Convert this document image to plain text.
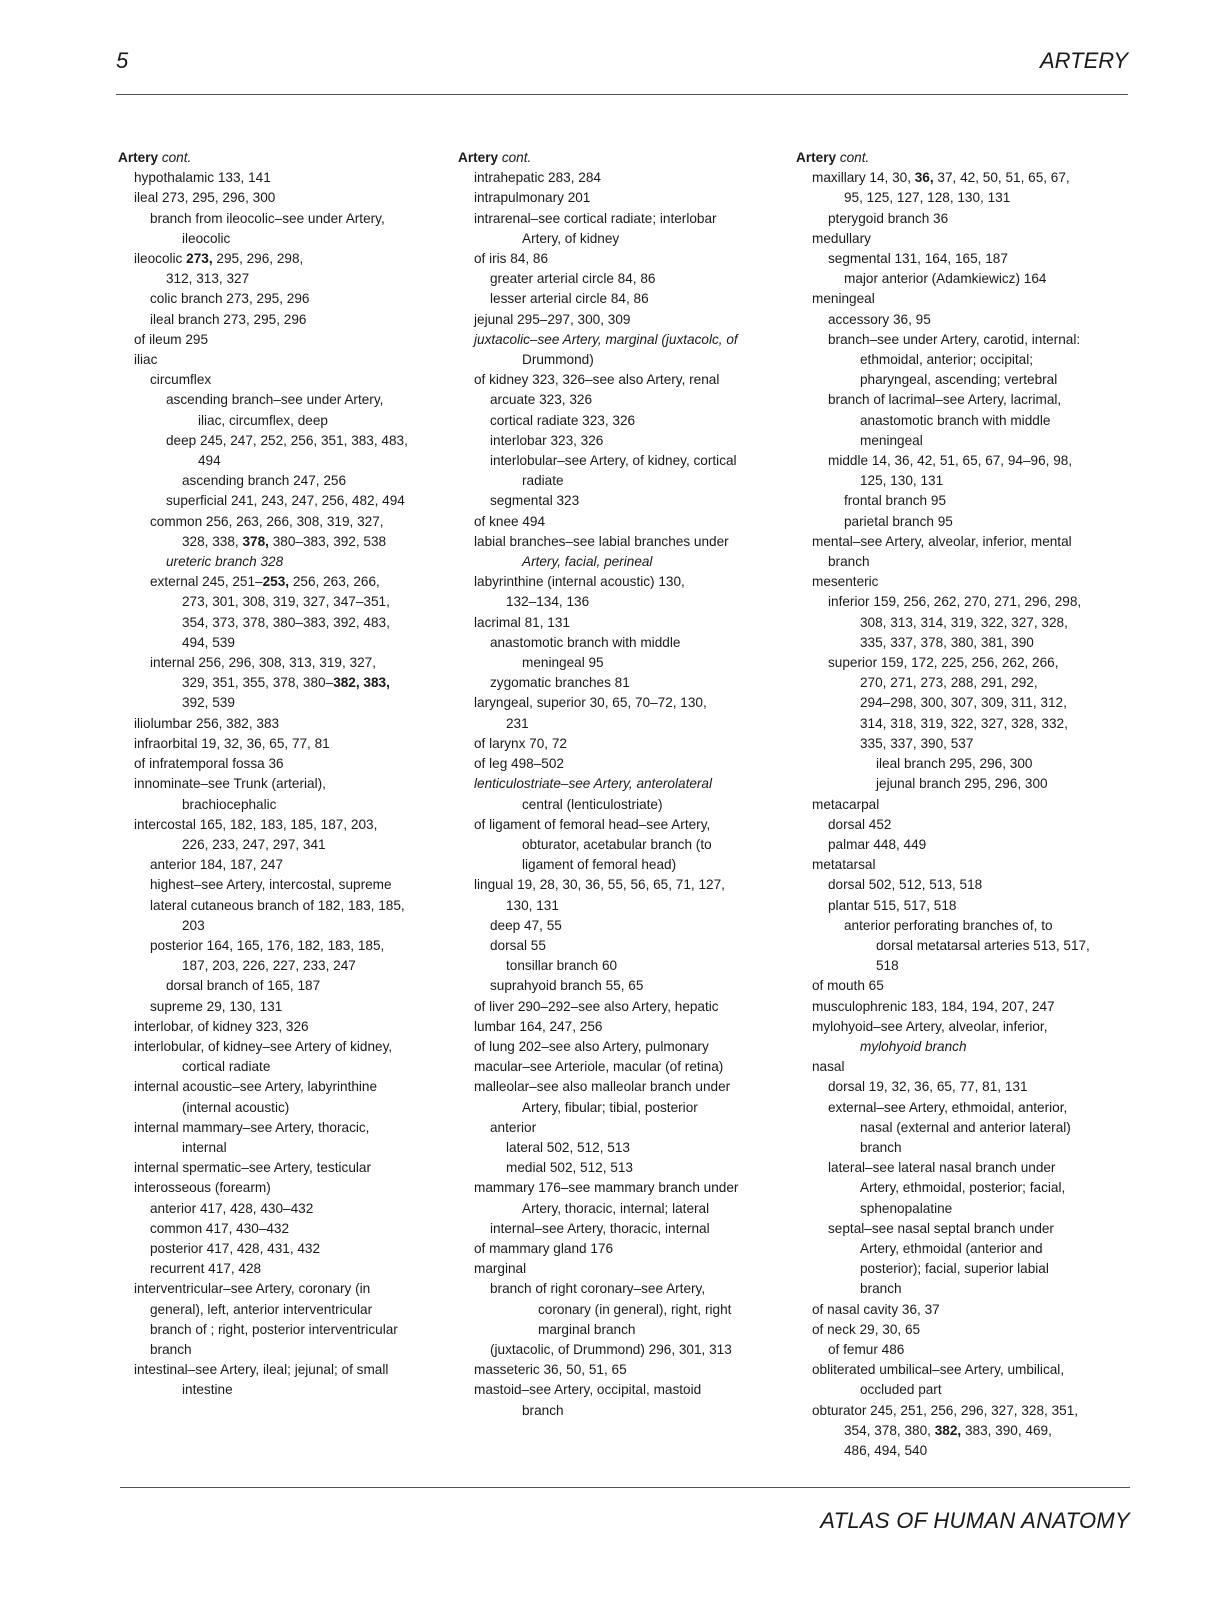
5	ARTERY

Artery cont.

hypothalamic 133, 141

ileal 273, 295, 296, 300

branch from ileocolic–see under Artery,

ileocolic

ileocolic 273, 295, 296, 298,

312, 313, 327

colic branch 273, 295, 296

ileal branch 273, 295, 296

of ileum 295

iliac

circumflex

ascending branch–see under Artery,

iliac, circumflex, deep

deep 245, 247, 252, 256, 351, 383, 483,

494

ascending branch 247, 256

superficial 241, 243, 247, 256, 482, 494

common 256, 263, 266, 308, 319, 327,

328, 338, 378, 380–383, 392, 538

ureteric branch 328

external 245, 251–253, 256, 263, 266,

273, 301, 308, 319, 327, 347–351,

354, 373, 378, 380–383, 392, 483,

494, 539

internal 256, 296, 308, 313, 319, 327,

329, 351, 355, 378, 380–382, 383,

392, 539

iliolumbar 256, 382, 383

infraorbital 19, 32, 36, 65, 77, 81

of infratemporal fossa 36

innominate–see Trunk (arterial),

brachiocephalic

intercostal 165, 182, 183, 185, 187, 203,

226, 233, 247, 297, 341

anterior 184, 187, 247

highest–see Artery, intercostal, supreme

lateral cutaneous branch of 182, 183, 185,

203

posterior 164, 165, 176, 182, 183, 185,

187, 203, 226, 227, 233, 247

dorsal branch of 165, 187

supreme 29, 130, 131

interlobar, of kidney 323, 326

interlobular, of kidney–see Artery of kidney,

cortical radiate

internal acoustic–see Artery, labyrinthine

(internal acoustic)

internal mammary–see Artery, thoracic,

internal

internal spermatic–see Artery, testicular

interosseous (forearm)

anterior 417, 428, 430–432

common 417, 430–432

posterior 417, 428, 431, 432

recurrent 417, 428

interventricular–see Artery, coronary (in

general), left, anterior interventricular

branch of ; right, posterior interventricular

branch

intestinal–see Artery, ileal; jejunal; of small

intestine

Artery cont.

intrahepatic 283, 284

intrapulmonary 201

intrarenal–see cortical radiate; interlobar

Artery, of kidney

of iris 84, 86

greater arterial circle 84, 86

lesser arterial circle 84, 86

jejunal 295–297, 300, 309

juxtacolic–see Artery, marginal (juxtacolc, of

Drummond)

of kidney 323, 326–see also Artery, renal

arcuate 323, 326

cortical radiate 323, 326

interlobar 323, 326

interlobular–see Artery, of kidney, cortical

radiate

segmental 323

of knee 494

labial branches–see labial branches under

Artery, facial, perineal

labyrinthine (internal acoustic) 130,

132–134, 136

lacrimal 81, 131

anastomotic branch with middle

meningeal 95

zygomatic branches 81

laryngeal, superior 30, 65, 70–72, 130,

231

of larynx 70, 72

of leg 498–502

lenticulostriate–see Artery, anterolateral

central (lenticulostriate)

of ligament of femoral head–see Artery,

obturator, acetabular branch (to

ligament of femoral head)

lingual 19, 28, 30, 36, 55, 56, 65, 71, 127,

130, 131

deep 47, 55

dorsal 55

tonsillar branch 60

suprahyoid branch 55, 65

of liver 290–292–see also Artery, hepatic

lumbar 164, 247, 256

of lung 202–see also Artery, pulmonary

macular–see Arteriole, macular (of retina)

malleolar–see also malleolar branch under

Artery, fibular; tibial, posterior

anterior

lateral 502, 512, 513

medial 502, 512, 513

mammary 176–see mammary branch under

Artery, thoracic, internal; lateral

internal–see Artery, thoracic, internal

of mammary gland 176

marginal

branch of right coronary–see Artery,

coronary (in general), right, right

marginal branch

(juxtacolic, of Drummond) 296, 301, 313

masseteric 36, 50, 51, 65

mastoid–see Artery, occipital, mastoid

branch

Artery cont.

maxillary 14, 30, 36, 37, 42, 50, 51, 65, 67,

95, 125, 127, 128, 130, 131

pterygoid branch 36

medullary

segmental 131, 164, 165, 187

major anterior (Adamkiewicz) 164

meningeal

accessory 36, 95

branch–see under Artery, carotid, internal:

ethmoidal, anterior; occipital;

pharyngeal, ascending; vertebral

branch of lacrimal–see Artery, lacrimal,

anastomotic branch with middle

meningeal

middle 14, 36, 42, 51, 65, 67, 94–96, 98,

125, 130, 131

frontal branch 95

parietal branch 95

mental–see Artery, alveolar, inferior, mental

branch

mesenteric

inferior 159, 256, 262, 270, 271, 296, 298,

308, 313, 314, 319, 322, 327, 328,

335, 337, 378, 380, 381, 390

superior 159, 172, 225, 256, 262, 266,

270, 271, 273, 288, 291, 292,

294–298, 300, 307, 309, 311, 312,

314, 318, 319, 322, 327, 328, 332,

335, 337, 390, 537

ileal branch 295, 296, 300

jejunal branch 295, 296, 300

metacarpal

dorsal 452

palmar 448, 449

metatarsal

dorsal 502, 512, 513, 518

plantar 515, 517, 518

anterior perforating branches of, to

dorsal metatarsal arteries 513, 517,

518

of mouth 65

musculophrenic 183, 184, 194, 207, 247

mylohyoid–see Artery, alveolar, inferior,

mylohyoid branch

nasal

dorsal 19, 32, 36, 65, 77, 81, 131

external–see Artery, ethmoidal, anterior,

nasal (external and anterior lateral)

branch

lateral–see lateral nasal branch under

Artery, ethmoidal, posterior; facial,

sphenopalatine

septal–see nasal septal branch under

Artery, ethmoidal (anterior and

posterior); facial, superior labial

branch

of nasal cavity 36, 37

of neck 29, 30, 65

of femur 486

obliterated umbilical–see Artery, umbilical,

occluded part

obturator 245, 251, 256, 296, 327, 328, 351,

354, 378, 380, 382, 383, 390, 469,

486, 494, 540

ATLAS OF HUMAN ANATOMY
